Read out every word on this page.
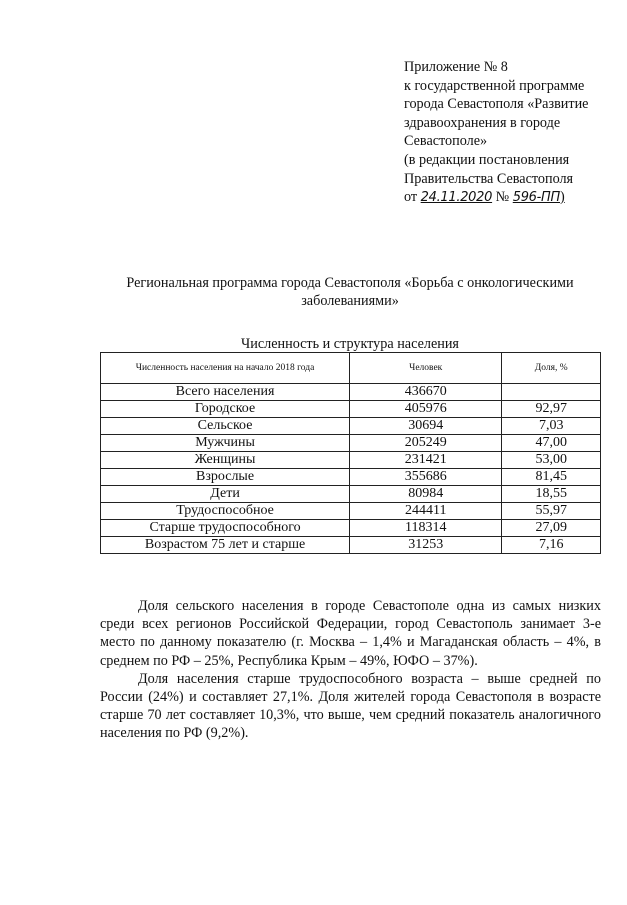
Приложение № 8
к государственной программе
города Севастополя «Развитие
здравоохранения в городе
Севастополе»
(в редакции постановления
Правительства Севастополя
от 24.11.2020 № 596-ПП)
Региональная программа города Севастополя «Борьба с онкологическими заболеваниями»
Численность и структура населения
Численность населения на начало 2018 года	Человек	Доля, %
Всего населения	436670	
Городское	405976	92,97
Сельское	30694	7,03
Мужчины	205249	47,00
Женщины	231421	53,00
Взрослые	355686	81,45
Дети	80984	18,55
Трудоспособное	244411	55,97
Старше трудоспособного	118314	27,09
Возрастом 75 лет и старше	31253	7,16

Доля сельского населения в городе Севастополе одна из самых низких среди всех регионов Российской Федерации, город Севастополь занимает 3-е место по данному показателю (г. Москва – 1,4% и Магаданская область – 4%, в среднем по РФ – 25%, Республика Крым – 49%, ЮФО – 37%).

Доля населения старше трудоспособного возраста – выше средней по России (24%) и составляет 27,1%. Доля жителей города Севастополя в возрасте старше 70 лет составляет 10,3%, что выше, чем средний показатель аналогичного населения по РФ (9,2%).
